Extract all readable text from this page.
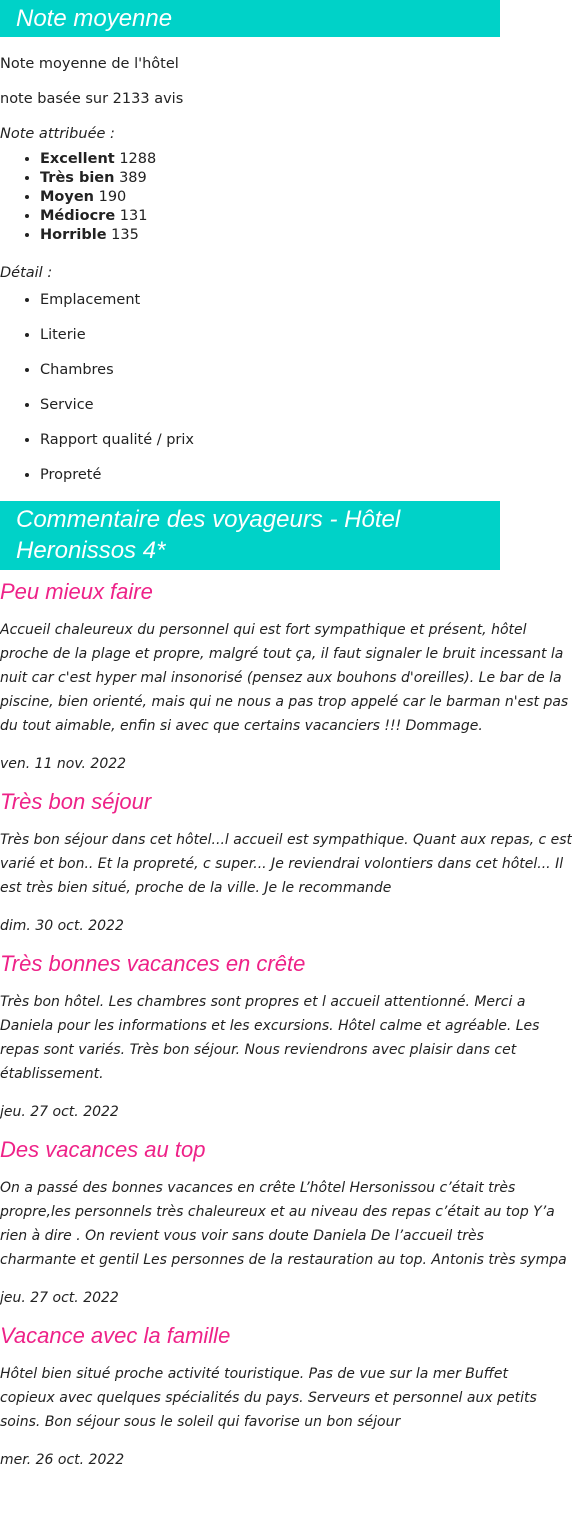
Note moyenne

Note moyenne de l'hôtel

note basée sur 2133 avis

Note attribuée :

• Excellent 1288
• Très bien 389
• Moyen 190
• Médiocre 131
• Horrible 135

Détail :

• Emplacement
• Literie
• Chambres
• Service
• Rapport qualité / prix
• Propreté
Commentaire des voyageurs - Hôtel
Heronissos 4*
Peu mieux faire
Accueil chaleureux du personnel qui est fort sympathique et présent, hôtel
proche de la plage et propre, malgré tout ça, il faut signaler le bruit incessant la
nuit car c'est hyper mal insonorisé (pensez aux bouhons d'oreilles). Le bar de la
piscine, bien orienté, mais qui ne nous a pas trop appelé car le barman n'est pas
du tout aimable, enfin si avec que certains vacanciers !!! Dommage.
ven. 11 nov. 2022
Très bon séjour
Très bon séjour dans cet hôtel...l accueil est sympathique. Quant aux repas, c est
varié et bon.. Et la propreté, c super... Je reviendrai volontiers dans cet hôtel... Il
est très bien situé, proche de la ville. Je le recommande
dim. 30 oct. 2022
Très bonnes vacances en crête
Très bon hôtel. Les chambres sont propres et l accueil attentionné. Merci a
Daniela pour les informations et les excursions. Hôtel calme et agréable. Les
repas sont variés. Très bon séjour. Nous reviendrons avec plaisir dans cet
établissement.
jeu. 27 oct. 2022
Des vacances au top
On a passé des bonnes vacances en crête L’hôtel Hersonissou c’était très
propre,les personnels très chaleureux et au niveau des repas c’était au top Y’a
rien à dire . On revient vous voir sans doute Daniela De l’accueil très
charmante et gentil Les personnes de la restauration au top. Antonis très sympa
jeu. 27 oct. 2022
Vacance avec la famille
Hôtel bien situé proche activité touristique. Pas de vue sur la mer Buffet
copieux avec quelques spécialités du pays. Serveurs et personnel aux petits
soins. Bon séjour sous le soleil qui favorise un bon séjour
mer. 26 oct. 2022
